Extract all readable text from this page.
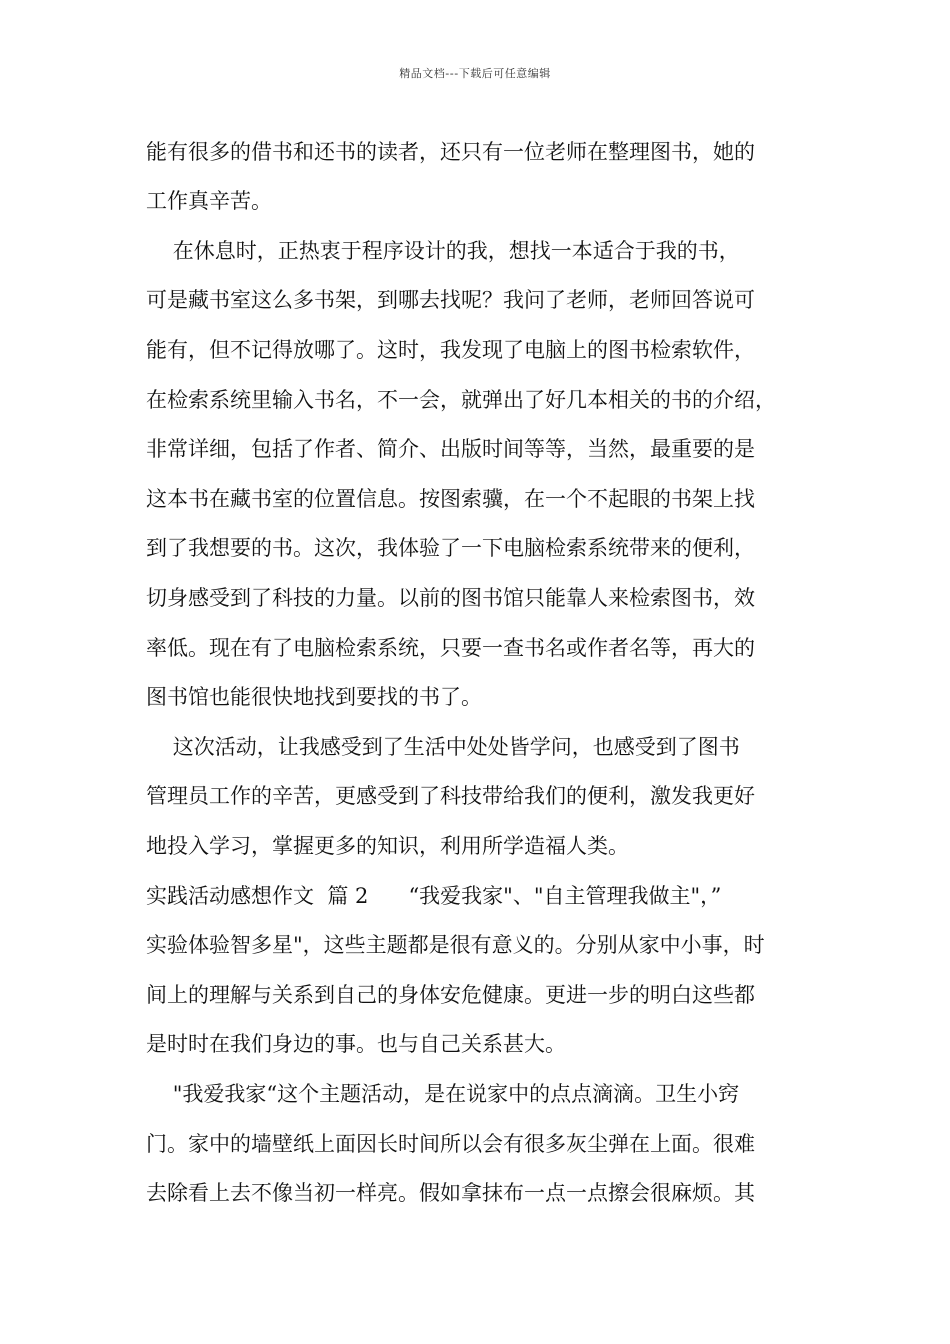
精品文档---下载后可任意编辑
能有很多的借书和还书的读者，还只有一位老师在整理图书，她的
工作真辛苦。
在休息时，正热衷于程序设计的我，想找一本适合于我的书，
可是藏书室这么多书架，到哪去找呢？我问了老师，老师回答说可
能有，但不记得放哪了。这时，我发现了电脑上的图书检索软件，
在检索系统里输入书名，不一会，就弹出了好几本相关的书的介绍，
非常详细，包括了作者、简介、出版时间等等，当然，最重要的是
这本书在藏书室的位置信息。按图索骥，在一个不起眼的书架上找
到了我想要的书。这次，我体验了一下电脑检索系统带来的便利，
切身感受到了科技的力量。以前的图书馆只能靠人来检索图书，效
率低。现在有了电脑检索系统，只要一查书名或作者名等，再大的
图书馆也能很快地找到要找的书了。
这次活动，让我感受到了生活中处处皆学问，也感受到了图书
管理员工作的辛苦，更感受到了科技带给我们的便利，激发我更好
地投入学习，掌握更多的知识，利用所学造福人类。
实践活动感想作文  篇 2      “我爱我家"、"自主管理我做主"，”
实验体验智多星"，这些主题都是很有意义的。分别从家中小事，时
间上的理解与关系到自己的身体安危健康。更进一步的明白这些都
是时时在我们身边的事。也与自己关系甚大。
"我爱我家“这个主题活动，是在说家中的点点滴滴。卫生小窍
门。家中的墙壁纸上面因长时间所以会有很多灰尘弹在上面。很难
去除看上去不像当初一样亮。假如拿抹布一点一点擦会很麻烦。其
